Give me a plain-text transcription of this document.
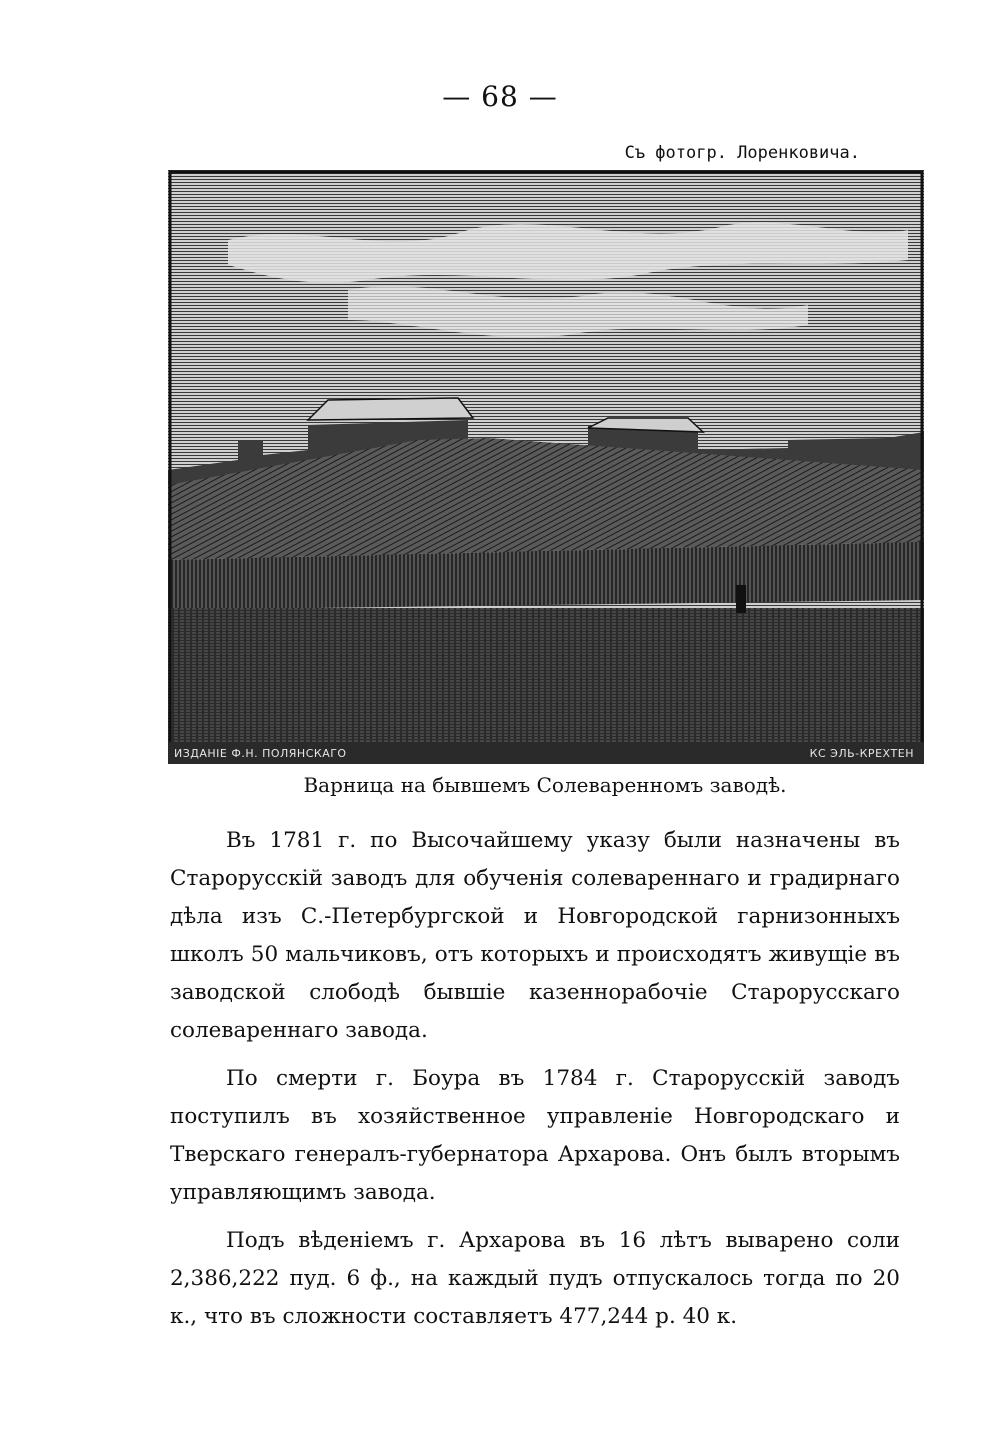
— 68 —
Съ фотогр. Лоренковича.
ИЗДАНІЕ Ф.Н. ПОЛЯНСКАГО	КС ЭЛЬ-КРЕХТЕН
Варница на бывшемъ Солеваренномъ заводѣ.

Въ 1781 г. по Высочайшему указу были назначены въ Старорусскій заводъ для обученія солевареннаго и градирнаго дѣла изъ С.-Петербургской и Новгородской гарнизонныхъ школъ 50 мальчиковъ, отъ которыхъ и происходятъ живущіе въ заводской слободѣ бывшіе казеннорабочіе Старорусскаго солевареннаго завода.

По смерти г. Боура въ 1784 г. Старорусскій заводъ поступилъ въ хозяйственное управленіе Новгородскаго и Тверскаго генералъ-губернатора Архарова. Онъ былъ вторымъ управляющимъ завода.

Подъ вѣденіемъ г. Архарова въ 16 лѣтъ выварено соли 2,386,222 пуд. 6 ф., на каждый пудъ отпускалось тогда по 20 к., что въ сложности составляетъ 477,244 р. 40 к.
